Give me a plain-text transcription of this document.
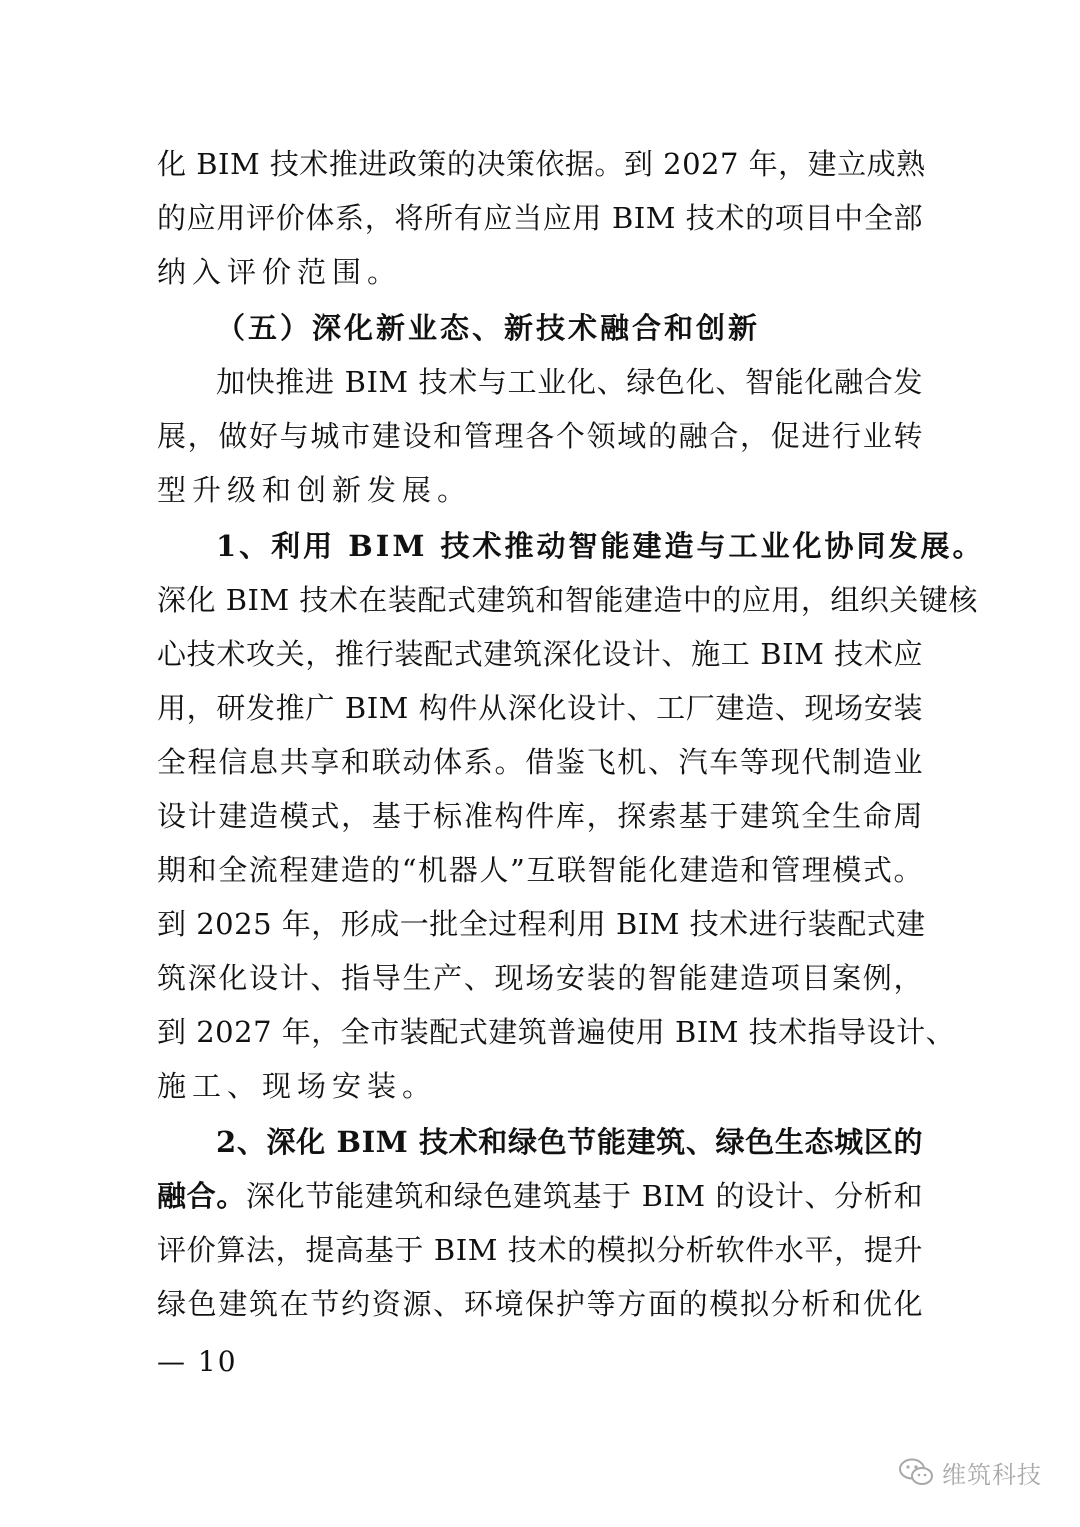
化 BIM 技术推进政策的决策依据。到 2027 年，建立成熟
的应用评价体系，将所有应当应用 BIM 技术的项目中全部
纳入评价范围。
（五）深化新业态、新技术融合和创新
加快推进 BIM 技术与工业化、绿色化、智能化融合发
展，做好与城市建设和管理各个领域的融合，促进行业转
型升级和创新发展。
1、利用 BIM 技术推动智能建造与工业化协同发展。
深化 BIM 技术在装配式建筑和智能建造中的应用，组织关键核
心技术攻关，推行装配式建筑深化设计、施工 BIM 技术应
用，研发推广 BIM 构件从深化设计、工厂建造、现场安装
全程信息共享和联动体系。借鉴飞机、汽车等现代制造业
设计建造模式，基于标准构件库，探索基于建筑全生命周
期和全流程建造的“机器人”互联智能化建造和管理模式。
到 2025 年，形成一批全过程利用 BIM 技术进行装配式建
筑深化设计、指导生产、现场安装的智能建造项目案例，
到 2027 年，全市装配式建筑普遍使用 BIM 技术指导设计、
施工、现场安装。
2、深化 BIM 技术和绿色节能建筑、绿色生态城区的
融合。深化节能建筑和绿色建筑基于 BIM 的设计、分析和
评价算法，提高基于 BIM 技术的模拟分析软件水平，提升
绿色建筑在节约资源、环境保护等方面的模拟分析和优化
— 10
维筑科技
